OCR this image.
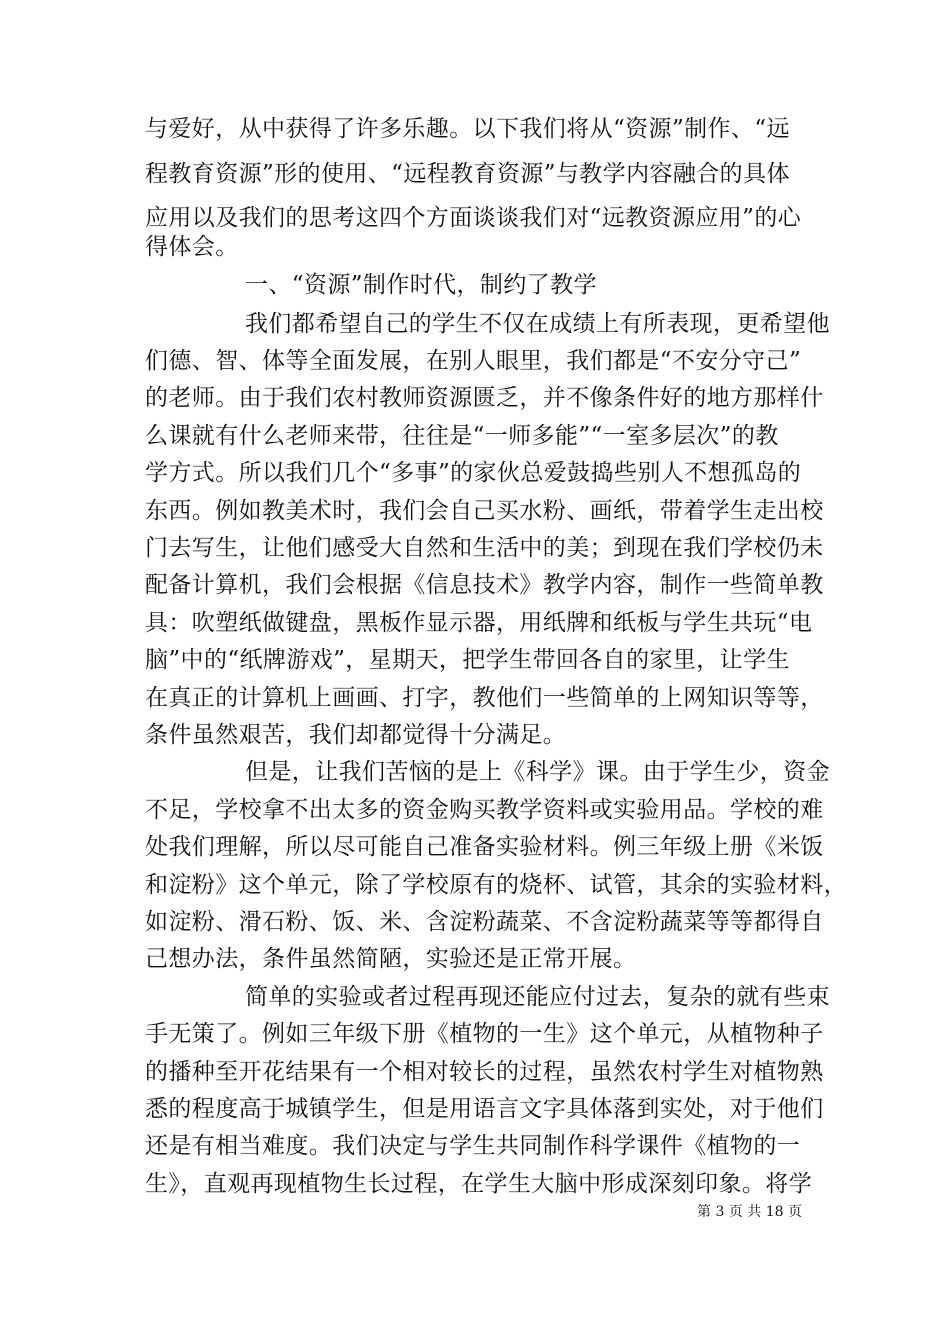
与爱好，从中获得了许多乐趣。以下我们将从“资源”制作、“远
程教育资源”形的使用、“远程教育资源”与教学内容融合的具体
应用以及我们的思考这四个方面谈谈我们对“远教资源应用”的心
得体会。
一、“资源”制作时代，制约了教学
我们都希望自己的学生不仅在成绩上有所表现，更希望他
们德、智、体等全面发展，在别人眼里，我们都是“不安分守己”
的老师。由于我们农村教师资源匮乏，并不像条件好的地方那样什
么课就有什么老师来带，往往是“一师多能”“一室多层次”的教
学方式。所以我们几个“多事”的家伙总爱鼓捣些别人不想孤岛的
东西。例如教美术时，我们会自己买水粉、画纸，带着学生走出校
门去写生，让他们感受大自然和生活中的美；到现在我们学校仍未
配备计算机，我们会根据《信息技术》教学内容，制作一些简单教
具：吹塑纸做键盘，黑板作显示器，用纸牌和纸板与学生共玩“电
脑”中的“纸牌游戏”，星期天，把学生带回各自的家里，让学生
在真正的计算机上画画、打字，教他们一些简单的上网知识等等，
条件虽然艰苦，我们却都觉得十分满足。
但是，让我们苦恼的是上《科学》课。由于学生少，资金
不足，学校拿不出太多的资金购买教学资料或实验用品。学校的难
处我们理解，所以尽可能自己准备实验材料。例三年级上册《米饭
和淀粉》这个单元，除了学校原有的烧杯、试管，其余的实验材料，
如淀粉、滑石粉、饭、米、含淀粉蔬菜、不含淀粉蔬菜等等都得自
己想办法，条件虽然简陋，实验还是正常开展。
简单的实验或者过程再现还能应付过去，复杂的就有些束
手无策了。例如三年级下册《植物的一生》这个单元，从植物种子
的播种至开花结果有一个相对较长的过程，虽然农村学生对植物熟
悉的程度高于城镇学生，但是用语言文字具体落到实处，对于他们
还是有相当难度。我们决定与学生共同制作科学课件《植物的一
生》，直观再现植物生长过程，在学生大脑中形成深刻印象。将学
第 3 页 共 18 页
